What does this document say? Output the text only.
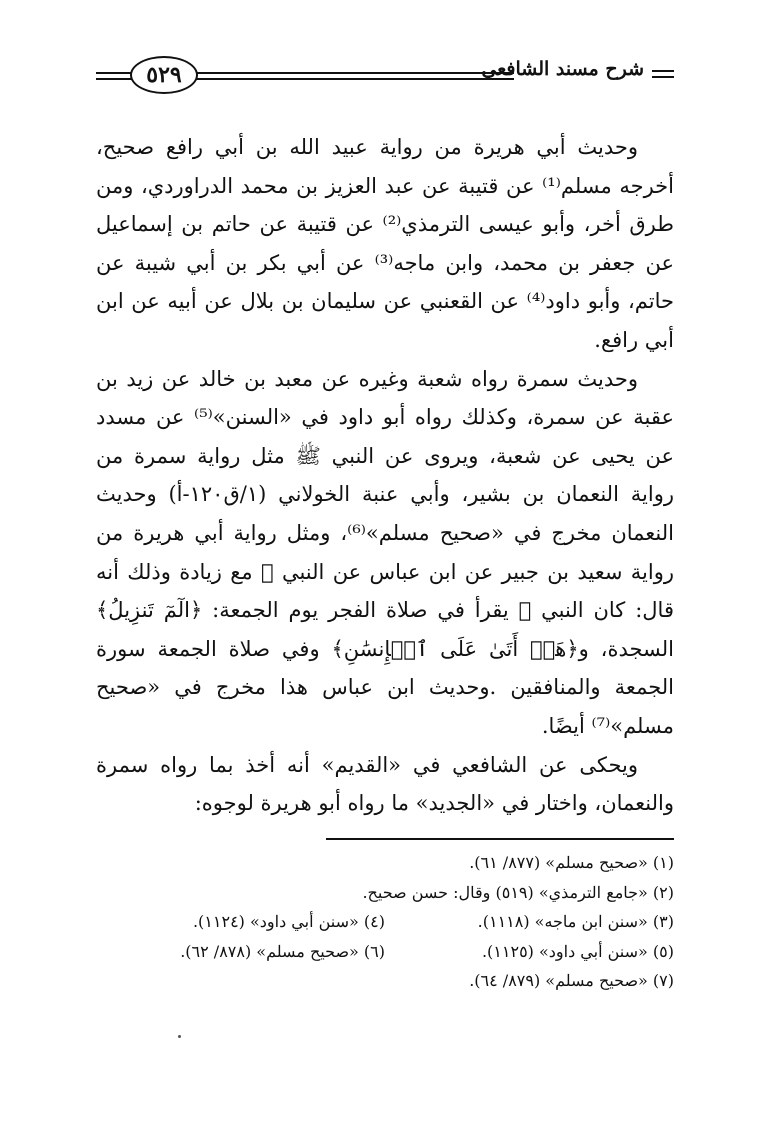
شرح مسند الشافعي
٥٢٩

وحديث أبي هريرة من رواية عبيد الله بن أبي رافع صحيح، أخرجه مسلم⁽¹⁾ عن قتيبة عن عبد العزيز بن محمد الدراوردي، ومن طرق أخر، وأبو عيسى الترمذي⁽²⁾ عن قتيبة عن حاتم بن إسماعيل عن جعفر بن محمد، وابن ماجه⁽³⁾ عن أبي بكر بن أبي شيبة عن حاتم، وأبو داود⁽⁴⁾ عن القعنبي عن سليمان بن بلال عن أبيه عن ابن أبي رافع.

وحديث سمرة رواه شعبة وغيره عن معبد بن خالد عن زيد بن عقبة عن سمرة، وكذلك رواه أبو داود في «السنن»⁽⁵⁾ عن مسدد عن يحيى عن شعبة، ويروى عن النبي ﷺ مثل رواية سمرة من رواية النعمان بن بشير، وأبي عنبة الخولاني (١/ق١٢٠-أ) وحديث النعمان مخرج في «صحيح مسلم»⁽⁶⁾، ومثل رواية أبي هريرة من رواية سعيد بن جبير عن ابن عباس عن النبي ﷺ مع زيادة وذلك أنه قال: كان النبي ﷺ يقرأ في صلاة الفجر يوم الجمعة: ﴿الٓمٓ ‌تَنزِيلُ﴾ السجدة، و﴿هَلۡ أَتَىٰ عَلَى ٱلۡإِنسَٰنِ﴾ وفي صلاة الجمعة سورة الجمعة والمنافقين .وحديث ابن عباس هذا مخرج في «صحيح مسلم»⁽⁷⁾ أيضًا.

ويحكى عن الشافعي في «القديم» أنه أخذ بما رواه سمرة والنعمان، واختار في «الجديد» ما رواه أبو هريرة لوجوه:

(١) «صحيح مسلم» (٨٧٧/ ٦١).
(٢) «جامع الترمذي» (٥١٩) وقال: حسن صحيح.
(٣) «سنن ابن ماجه» (١١١٨).
(٤) «سنن أبي داود» (١١٢٤).
(٥) «سنن أبي داود» (١١٢٥).
(٦) «صحيح مسلم» (٨٧٨/ ٦٢).
(٧) «صحيح مسلم» (٨٧٩/ ٦٤).
